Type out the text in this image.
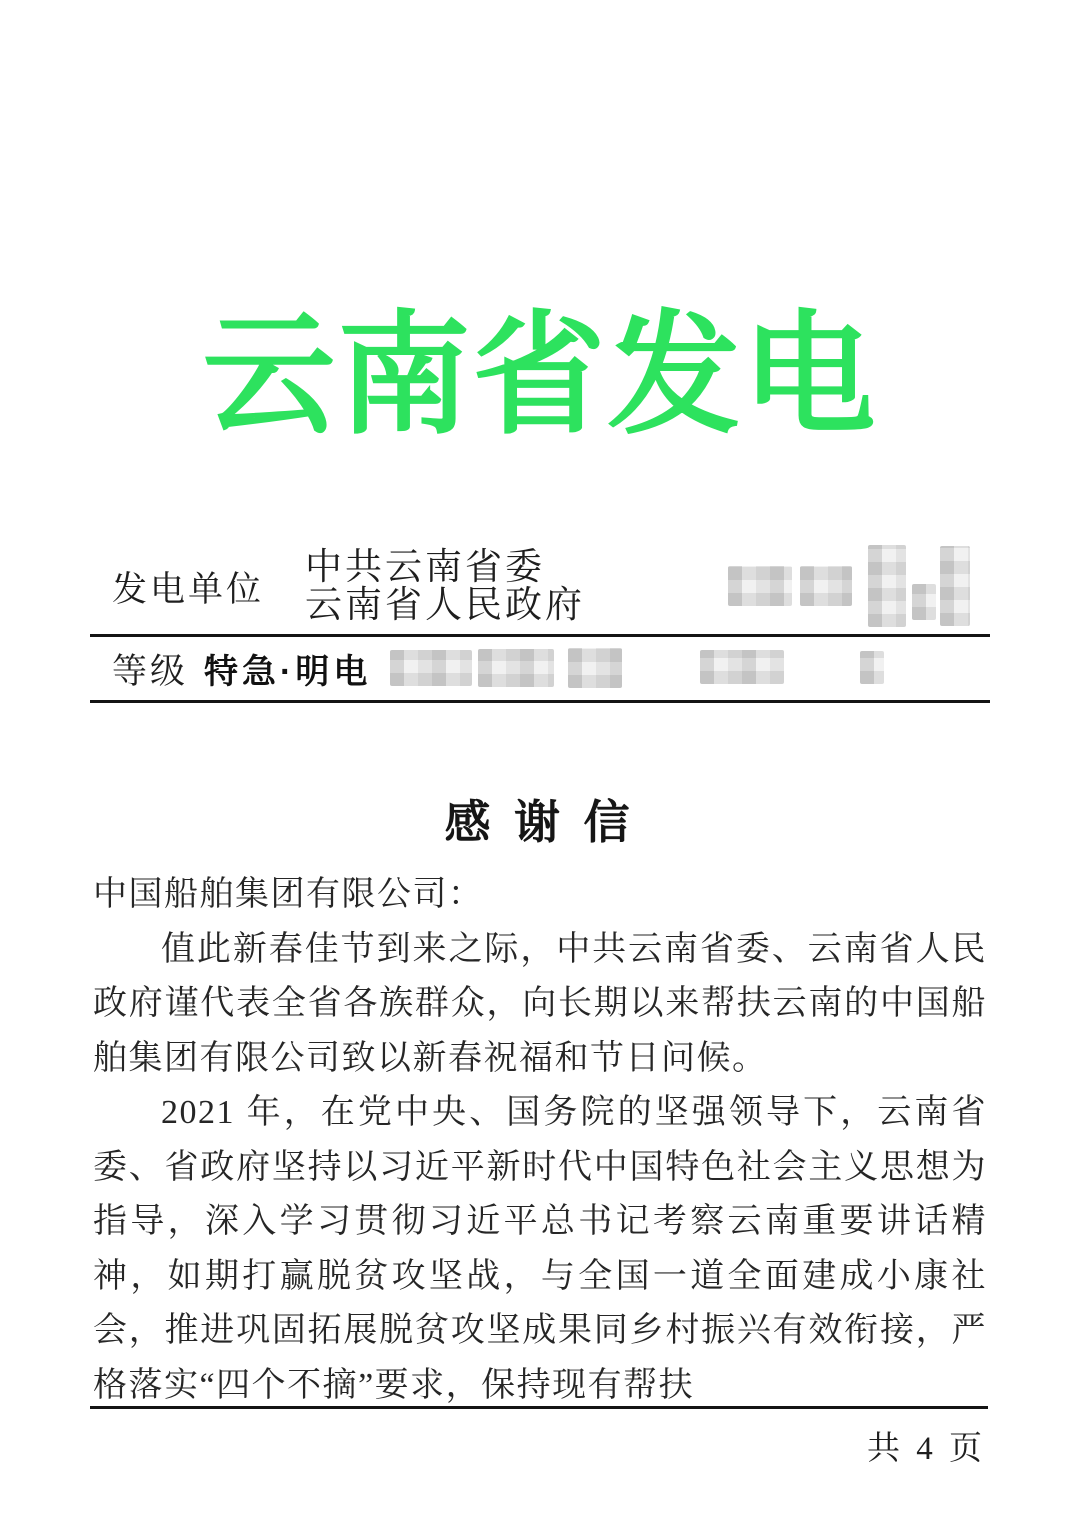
云南省发电
发电单位
中共云南省委
云南省人民政府
等级 特急·明电
感 谢 信

中国船舶集团有限公司：

值此新春佳节到来之际，中共云南省委、云南省人民政府谨代表全省各族群众，向长期以来帮扶云南的中国船舶集团有限公司致以新春祝福和节日问候。

2021 年，在党中央、国务院的坚强领导下，云南省委、省政府坚持以习近平新时代中国特色社会主义思想为指导，深入学习贯彻习近平总书记考察云南重要讲话精神，如期打赢脱贫攻坚战，与全国一道全面建成小康社会，推进巩固拓展脱贫攻坚成果同乡村振兴有效衔接，严格落实“四个不摘”要求，保持现有帮扶

共 4 页
